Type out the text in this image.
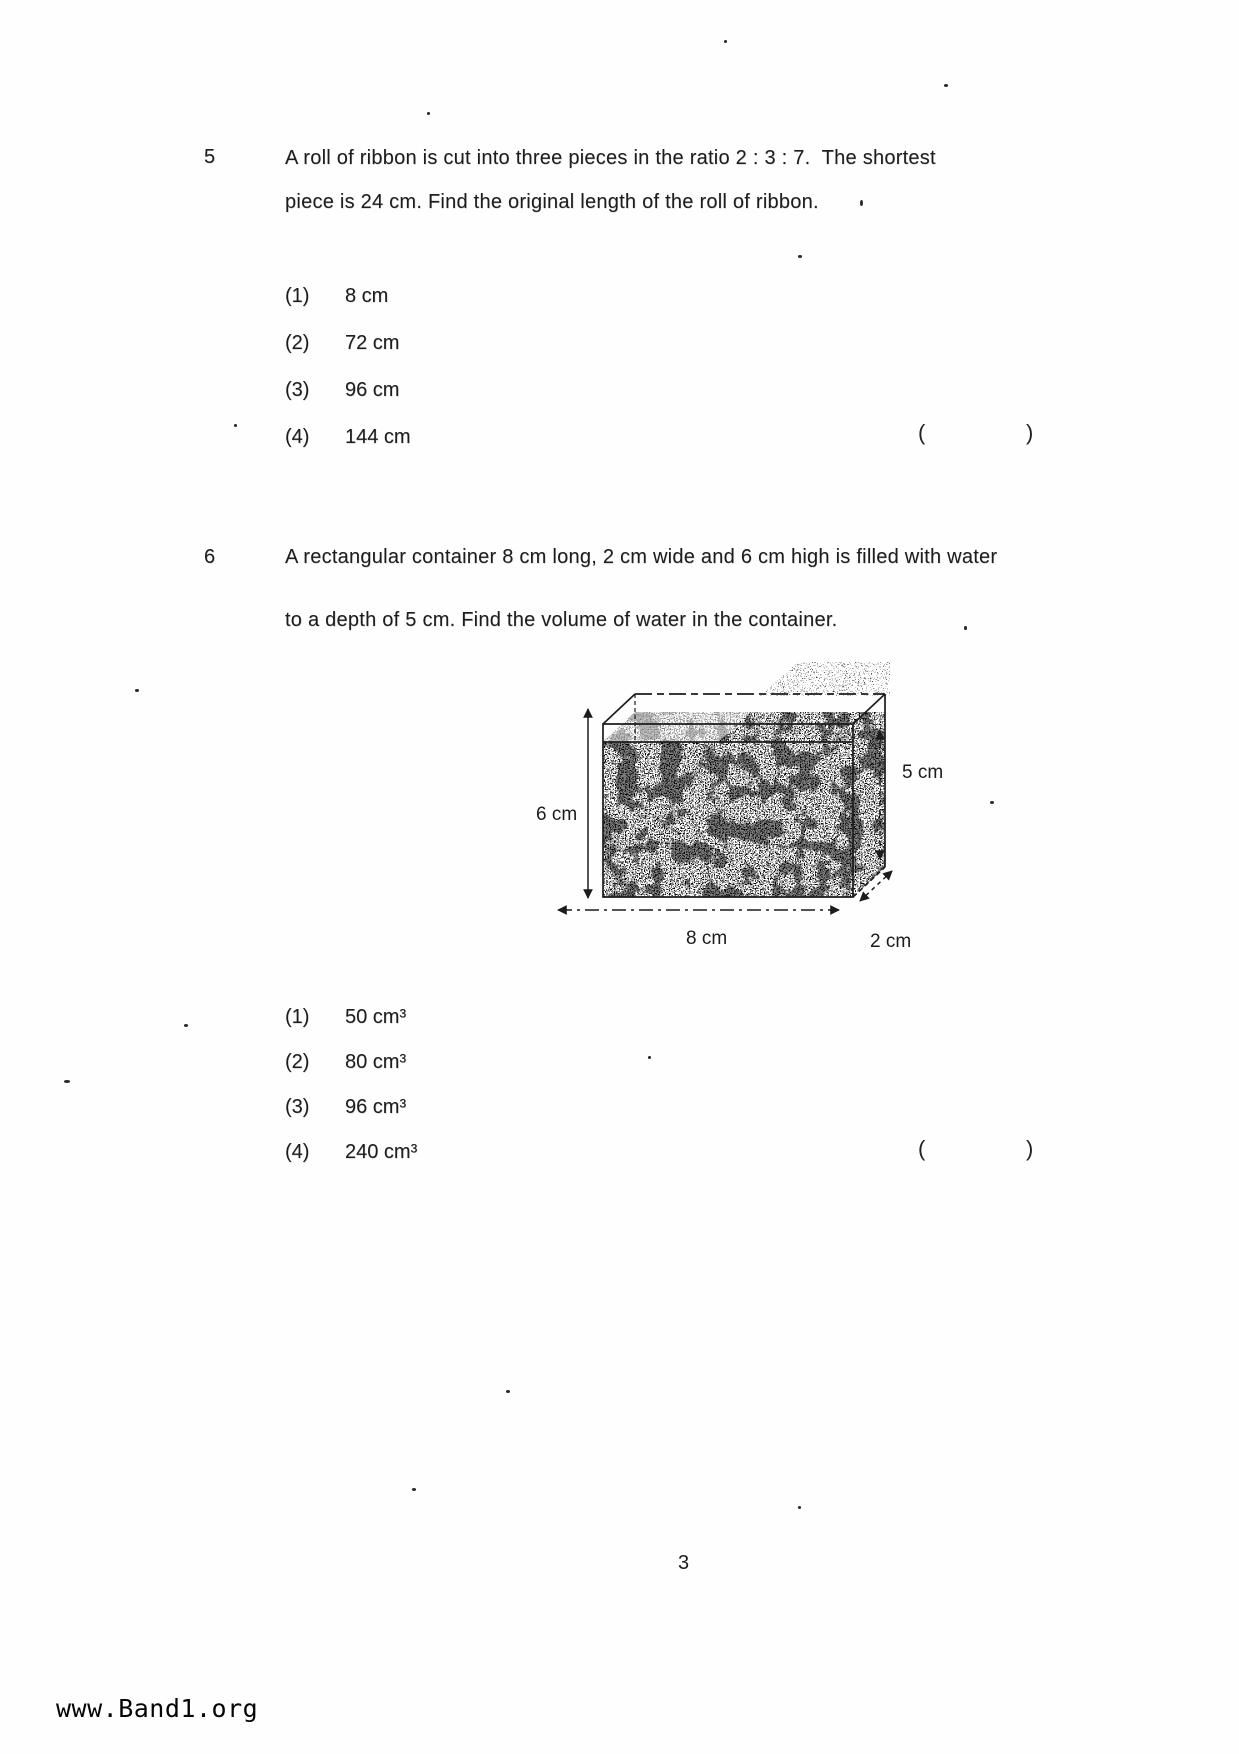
5	A roll of ribbon is cut into three pieces in the ratio 2 : 3 : 7.  The shortest
piece is 24 cm. Find the original length of the roll of ribbon.
(1) 8 cm
(2) 72 cm
(3) 96 cm
(4) 144 cm	(	)
6	A rectangular container 8 cm long, 2 cm wide and 6 cm high is filled with water
to a depth of 5 cm. Find the volume of water in the container.
6 cm
5 cm
2 cm
8 cm
(1) 50 cm³
(2) 80 cm³
(3) 96 cm³
(4) 240 cm³	(	)
3
www.Band1.org
